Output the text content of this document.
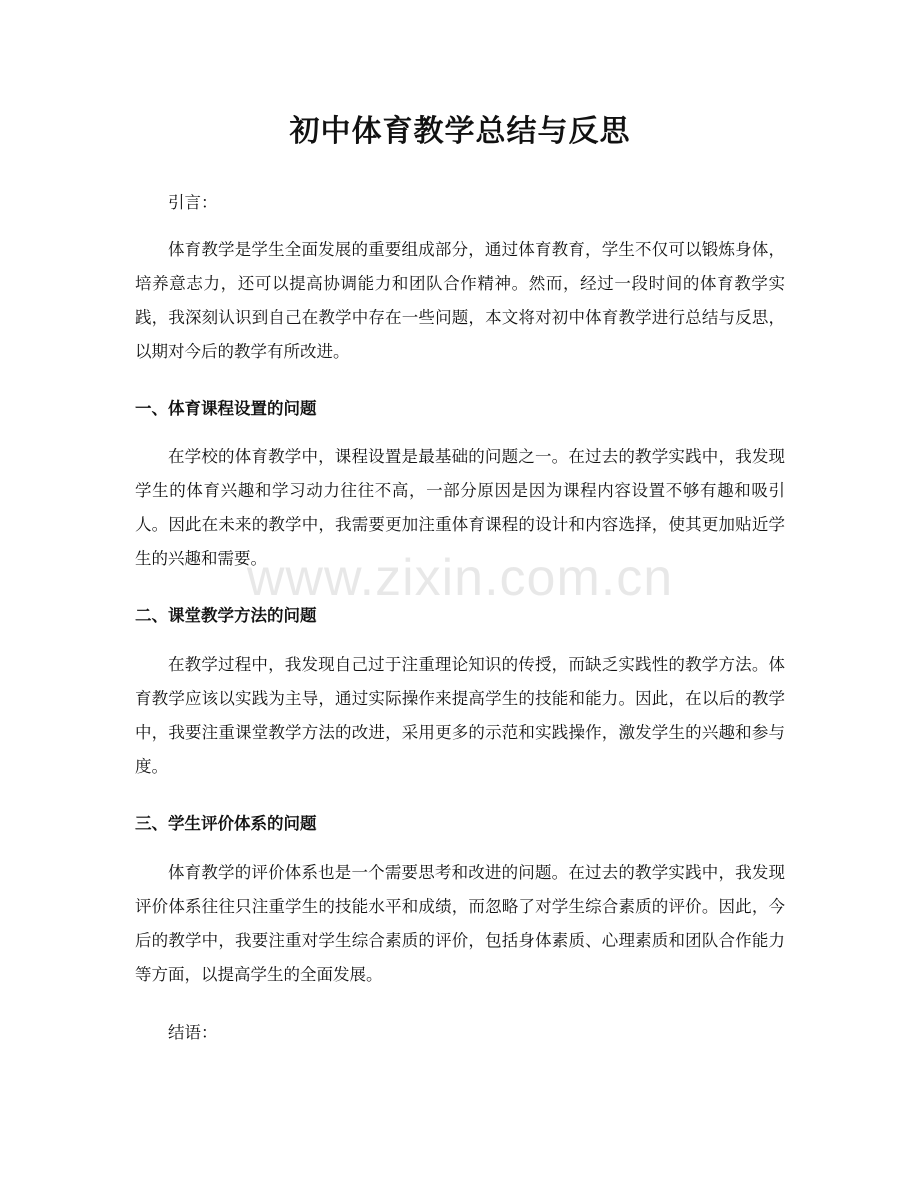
初中体育教学总结与反思

引言：

体育教学是学生全面发展的重要组成部分，通过体育教育，学生不仅可以锻炼身体，培养意志力，还可以提高协调能力和团队合作精神。然而，经过一段时间的体育教学实践，我深刻认识到自己在教学中存在一些问题，本文将对初中体育教学进行总结与反思，以期对今后的教学有所改进。

一、体育课程设置的问题

在学校的体育教学中，课程设置是最基础的问题之一。在过去的教学实践中，我发现学生的体育兴趣和学习动力往往不高，一部分原因是因为课程内容设置不够有趣和吸引人。因此在未来的教学中，我需要更加注重体育课程的设计和内容选择，使其更加贴近学生的兴趣和需要。

二、课堂教学方法的问题

在教学过程中，我发现自己过于注重理论知识的传授，而缺乏实践性的教学方法。体育教学应该以实践为主导，通过实际操作来提高学生的技能和能力。因此，在以后的教学中，我要注重课堂教学方法的改进，采用更多的示范和实践操作，激发学生的兴趣和参与度。

三、学生评价体系的问题

体育教学的评价体系也是一个需要思考和改进的问题。在过去的教学实践中，我发现评价体系往往只注重学生的技能水平和成绩，而忽略了对学生综合素质的评价。因此，今后的教学中，我要注重对学生综合素质的评价，包括身体素质、心理素质和团队合作能力等方面，以提高学生的全面发展。

结语：

www.zixin.com.cn
